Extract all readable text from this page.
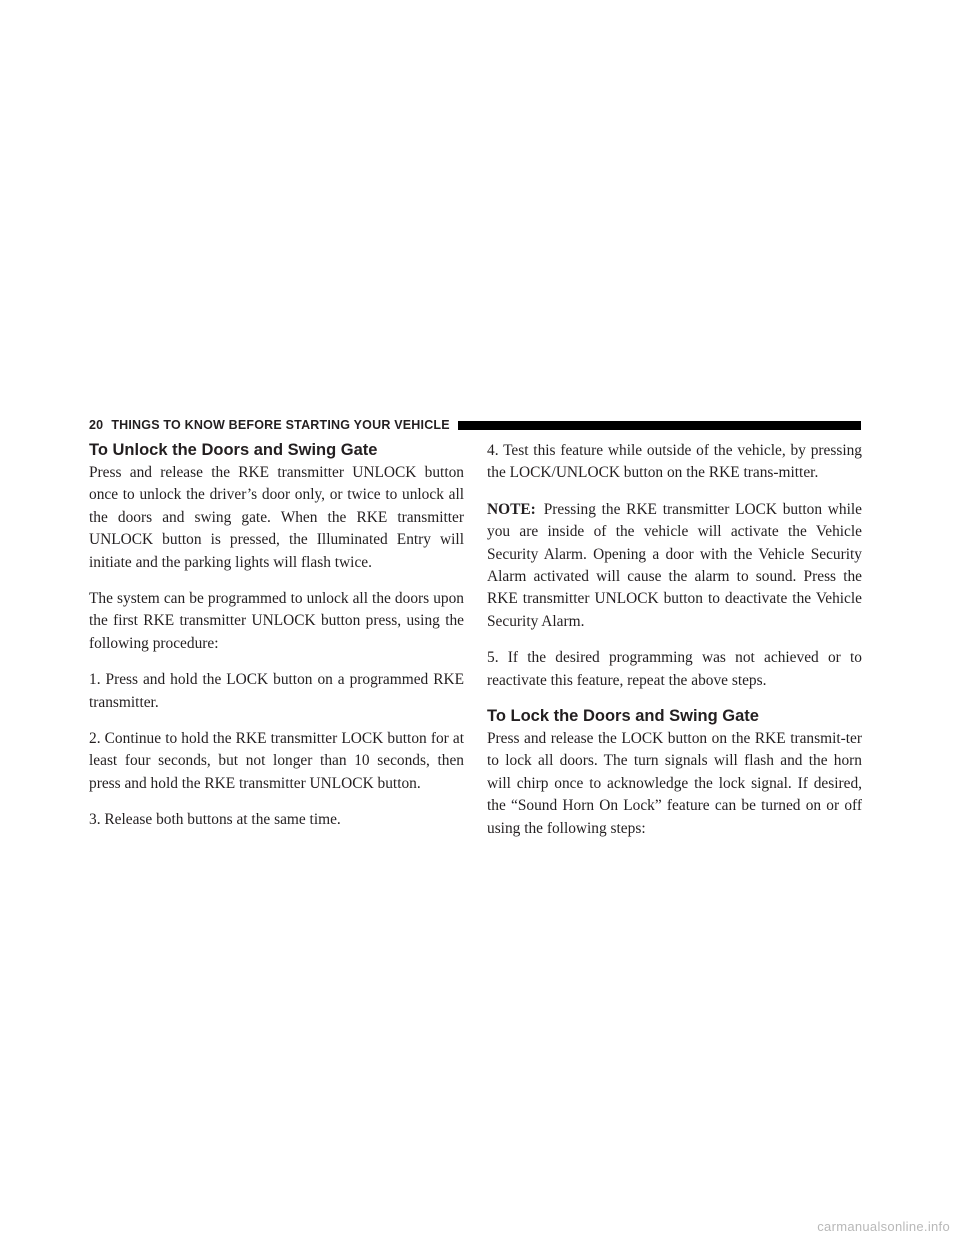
20 THINGS TO KNOW BEFORE STARTING YOUR VEHICLE
To Unlock the Doors and Swing Gate

Press and release the RKE transmitter UNLOCK button once to unlock the driver’s door only, or twice to unlock all the doors and swing gate. When the RKE transmitter UNLOCK button is pressed, the Illuminated Entry will initiate and the parking lights will flash twice.

The system can be programmed to unlock all the doors upon the first RKE transmitter UNLOCK button press, using the following procedure:

1. Press and hold the LOCK button on a programmed RKE transmitter.

2. Continue to hold the RKE transmitter LOCK button for at least four seconds, but not longer than 10 seconds, then press and hold the RKE transmitter UNLOCK button.

3. Release both buttons at the same time.

4. Test this feature while outside of the vehicle, by pressing the LOCK/UNLOCK button on the RKE trans-mitter.

NOTE: Pressing the RKE transmitter LOCK button while you are inside of the vehicle will activate the Vehicle Security Alarm. Opening a door with the Vehicle Security Alarm activated will cause the alarm to sound. Press the RKE transmitter UNLOCK button to deactivate the Vehicle Security Alarm.

5. If the desired programming was not achieved or to reactivate this feature, repeat the above steps.

To Lock the Doors and Swing Gate

Press and release the LOCK button on the RKE transmit-ter to lock all doors. The turn signals will flash and the horn will chirp once to acknowledge the lock signal. If desired, the “Sound Horn On Lock” feature can be turned on or off using the following steps:

carmanualsonline.info
